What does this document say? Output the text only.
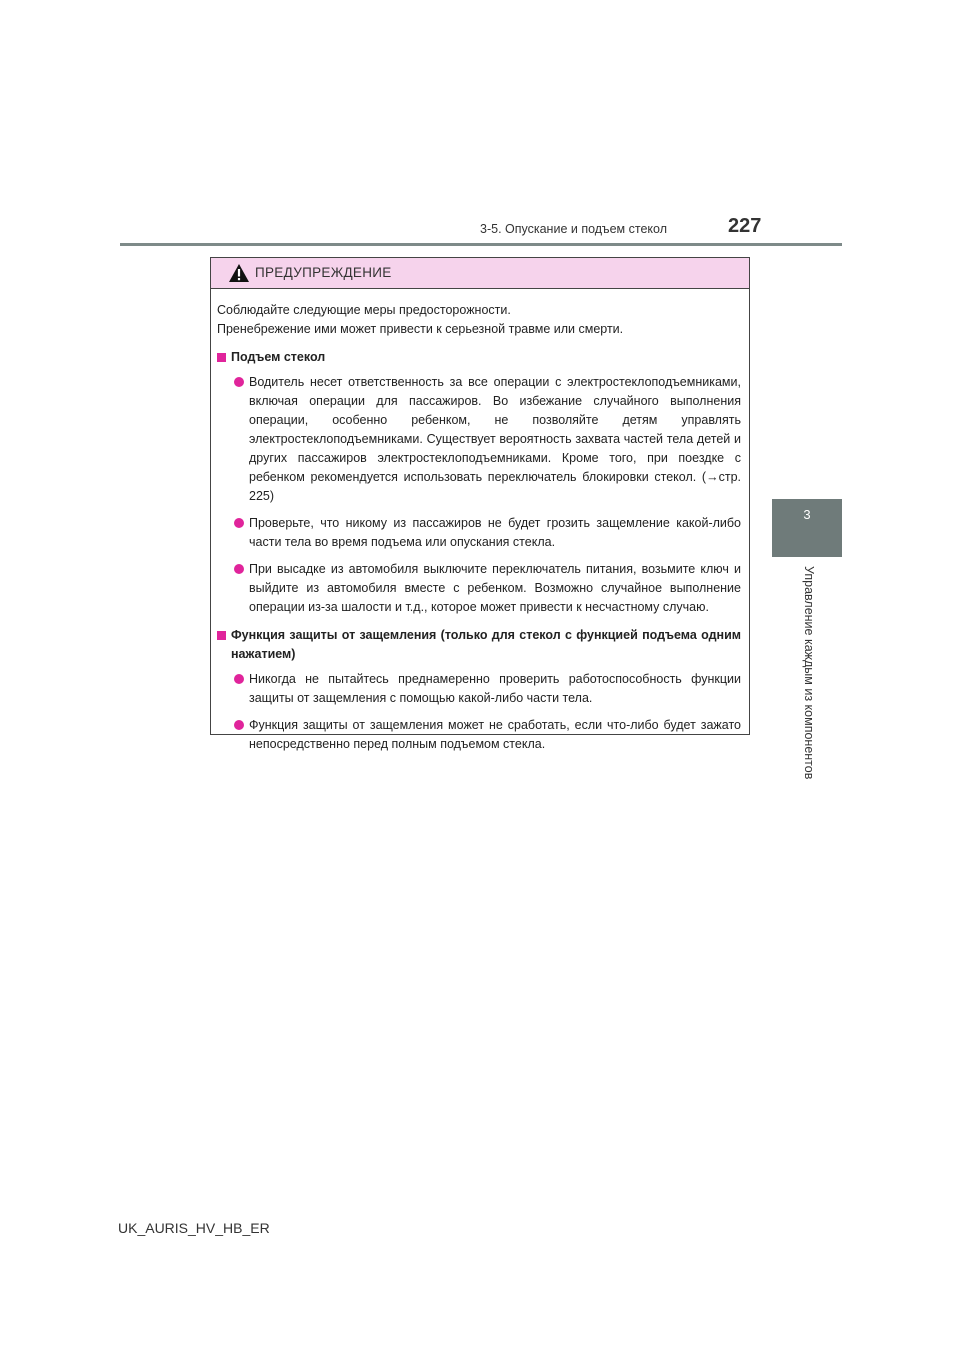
3-5. Опускание и подъем стекол	227
3
Управление каждым из компонентов
ПРЕДУПРЕЖДЕНИЕ

Соблюдайте следующие меры предосторожности.

Пренебрежение ими может привести к серьезной травме или смерти.

Подъем стекол
Водитель несет ответственность за все операции с электростеклоподъемниками, включая операции для пассажиров. Во избежание случайного выполнения операции, особенно ребенком, не позволяйте детям управлять электростеклоподъемниками. Существует вероятность захвата частей тела детей и других пассажиров электростеклоподъемниками. Кроме того, при поездке с ребенком рекомендуется использовать переключатель блокировки стекол. (→стр. 225)
Проверьте, что никому из пассажиров не будет грозить защемление какой-либо части тела во время подъема или опускания стекла.
При высадке из автомобиля выключите переключатель питания, возьмите ключ и выйдите из автомобиля вместе с ребенком. Возможно случайное выполнение операции из-за шалости и т.д., которое может привести к несчастному случаю.
Функция защиты от защемления (только для стекол с функцией подъема одним нажатием)
Никогда не пытайтесь преднамеренно проверить работоспособность функции защиты от защемления с помощью какой-либо части тела.
Функция защиты от защемления может не сработать, если что-либо будет зажато непосредственно перед полным подъемом стекла.
UK_AURIS_HV_HB_ER
